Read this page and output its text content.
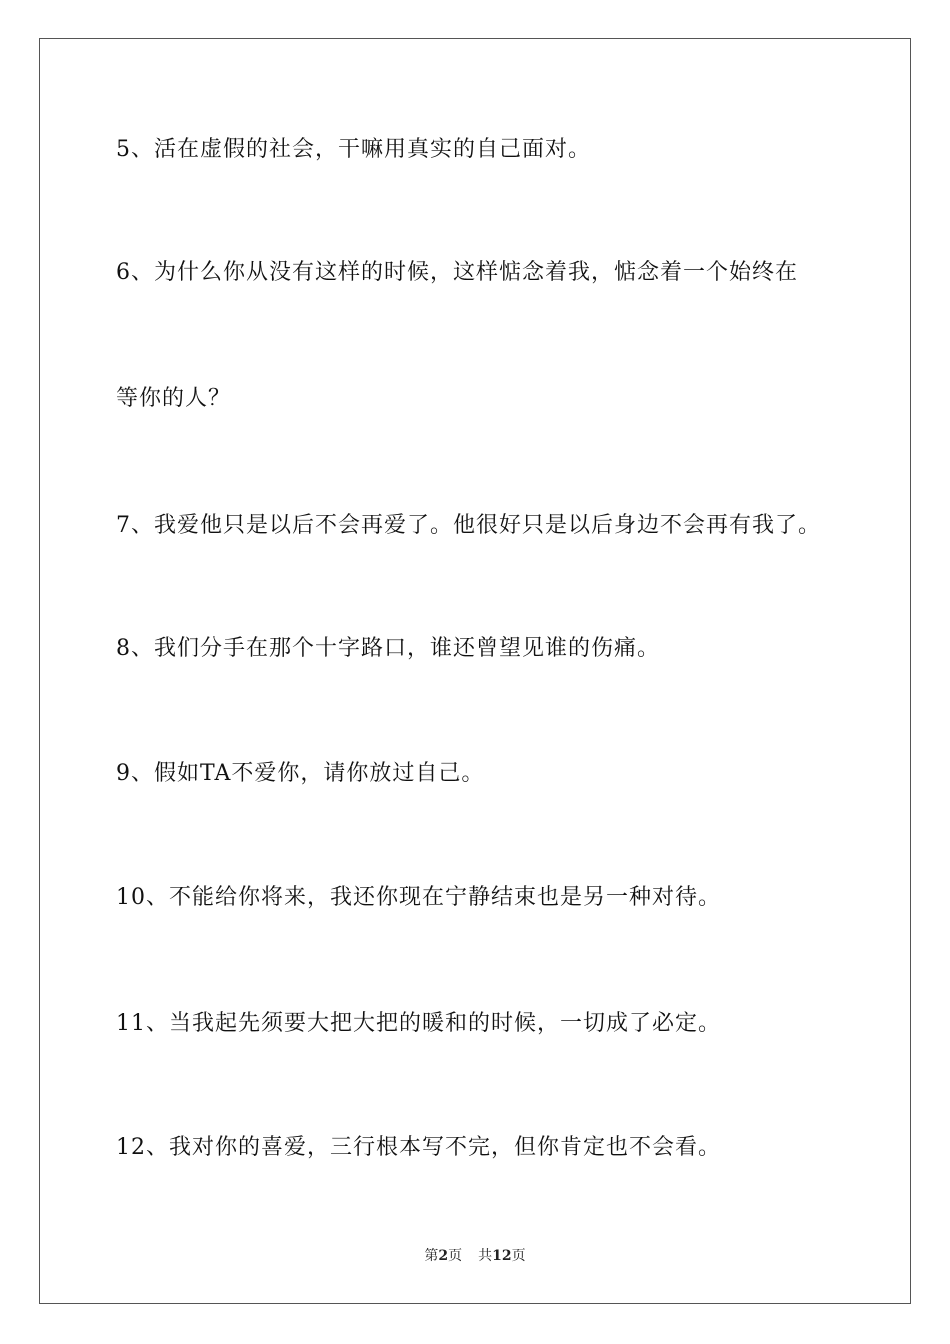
5、活在虚假的社会，干嘛用真实的自己面对。
6、为什么你从没有这样的时候，这样惦念着我，惦念着一个始终在
等你的人？
7、我爱他只是以后不会再爱了。他很好只是以后身边不会再有我了。
8、我们分手在那个十字路口，谁还曾望见谁的伤痛。
9、假如TA不爱你，请你放过自己。
10、不能给你将来，我还你现在宁静结束也是另一种对待。
11、当我起先须要大把大把的暖和的时候，一切成了必定。
12、我对你的喜爱，三行根本写不完，但你肯定也不会看。
第2页 共12页
